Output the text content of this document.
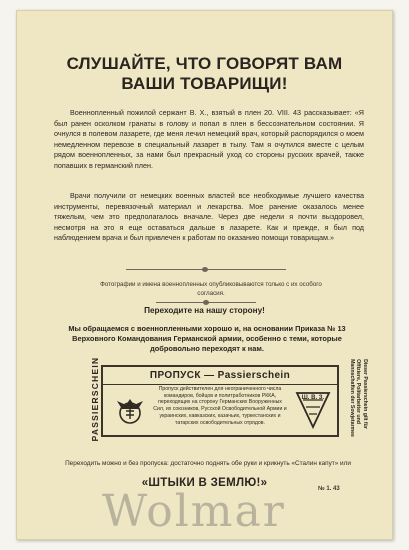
СЛУШАЙТЕ, ЧТО ГОВОРЯТ ВАМ
ВАШИ ТОВАРИЩИ!
Военнопленный пожилой сержант В. Х., взятый в плен 20. VIII. 43 рассказывает: «Я был ранен осколком гранаты в голову и попал в плен в бессознательном состоянии. Я очнулся в полевом лазарете, где меня лечил немецкий врач, который распорядился о моем немедленном перевозе в специальный лазарет в тылу. Там я очутился вместе с целым рядом военнопленных, за нами был прекрасный уход со стороны русских врачей, также попавших в германский плен.
Врачи получили от немецких военных властей все необходимые лучшего качества инструменты, перевязочный материал и лекарства. Мое ранение оказалось менее тяжелым, чем это предполагалось вначале. Через две недели я почти выздоровел, несмотря на это я еще оставаться дальше в лазарете. Как и прежде, я был под наблюдением врача и был привлечен к работам по оказанию помощи товарищам.»
Фотографии и имена военнопленных опубликовываются только с их особого согласия.
Переходите на нашу сторону!
Мы обращаемся с военнопленными хорошо и, на основании Приказа № 13 Верховного Командования Германской армии, особенно с теми, которые добровольно переходят к нам.
PASSIERSCHEIN	ПРОПУСК — Passierschein
Пропуск действителен для неограниченного числа командиров, бойцов и политработников РККА, переходящих на сторону Германских Вооруженных Сил, их союзников, Русской Освободительной Армии и украинских, кавказских, казачьих, туркестанских и татарских освободительных отрядов.
Ш. В. З.
Dieser Passierschein gilt für
Offiziere, Politarbeiter und
Mannschaften der Sowjetarmee
Переходить можно и без пропуска: достаточно поднять обе руки и крикнуть «Сталин капут» или
«ШТЫКИ В ЗЕМЛЮ!»	№ 1. 43
Wolmar
